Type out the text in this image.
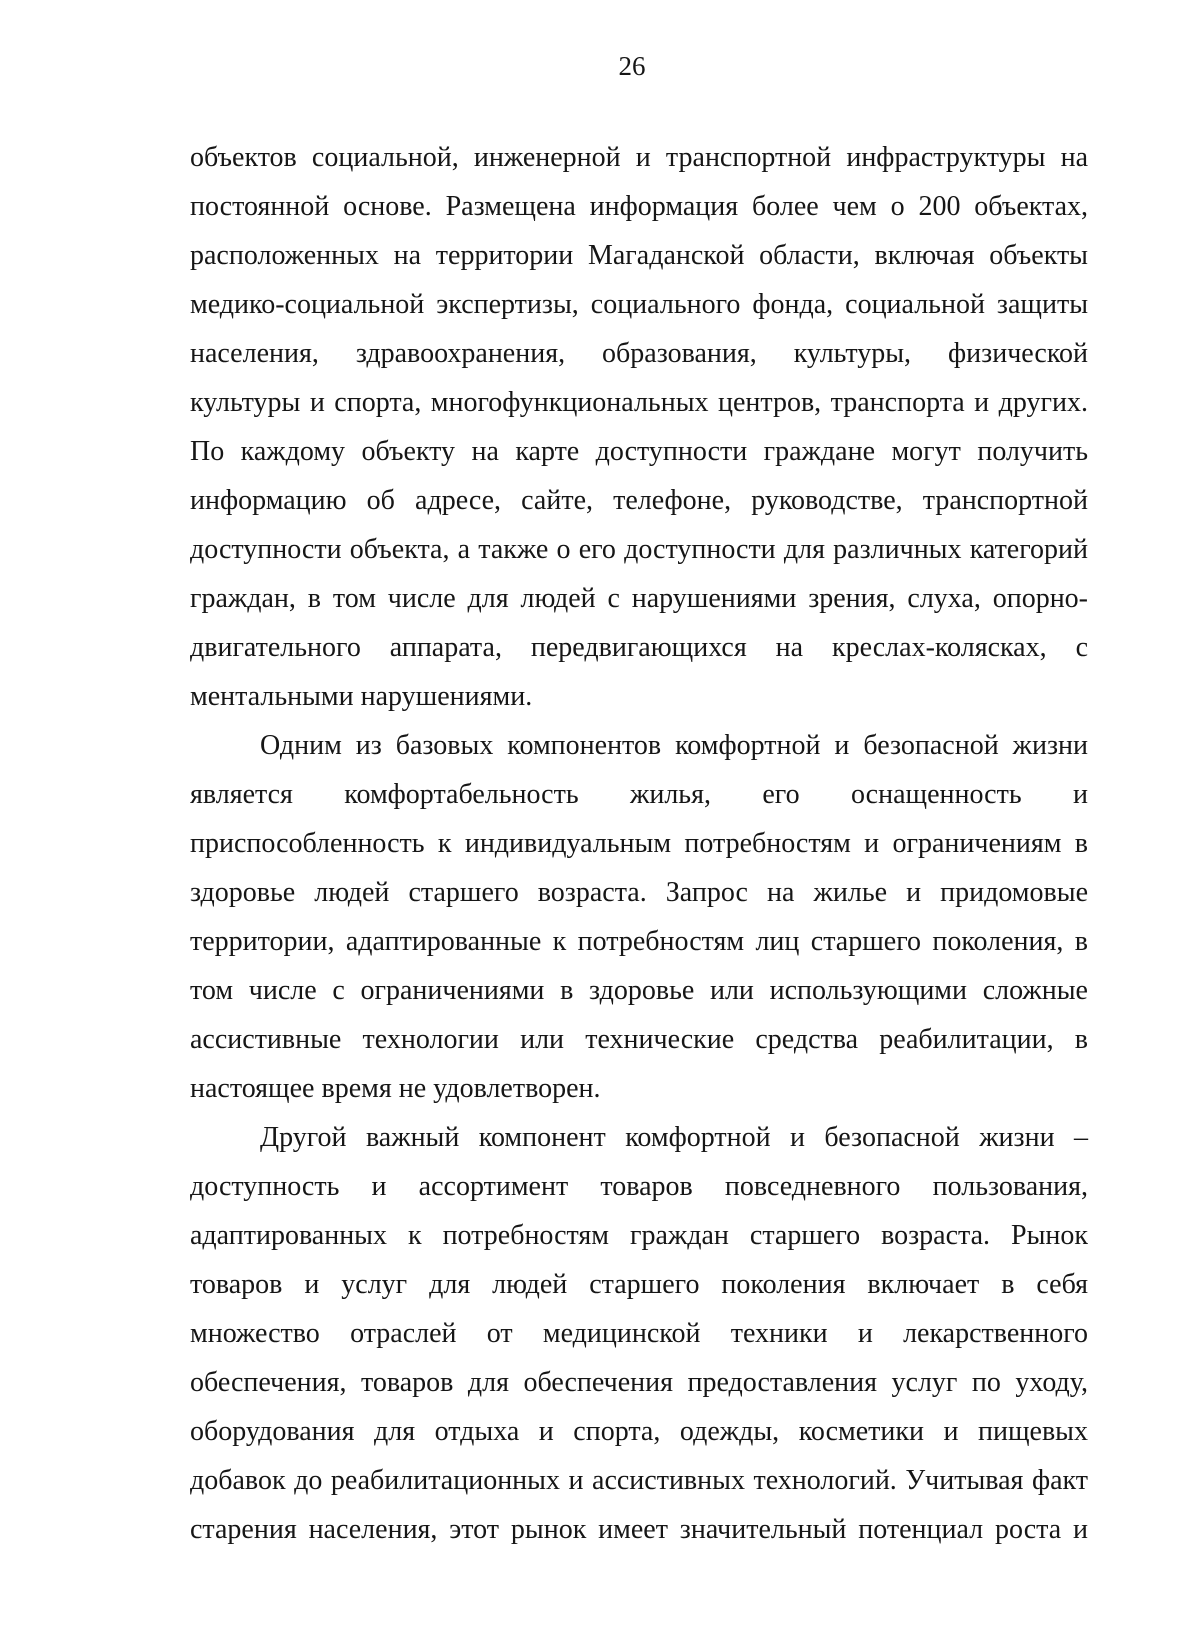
26

объектов социальной, инженерной и транспортной инфраструктуры на

постоянной основе. Размещена информация более чем о 200 объектах,

расположенных на территории Магаданской области, включая объекты

медико-социальной экспертизы, социального фонда, социальной защиты

населения, здравоохранения, образования, культуры, физической

культуры и спорта, многофункциональных центров, транспорта и других.

По каждому объекту на карте доступности граждане могут получить

информацию об адресе, сайте, телефоне, руководстве, транспортной

доступности объекта, а также о его доступности для различных категорий

граждан, в том числе для людей с нарушениями зрения, слуха, опорно-

двигательного аппарата, передвигающихся на креслах-колясках, с

ментальными нарушениями.

Одним из базовых компонентов комфортной и безопасной жизни

является комфортабельность жилья, его оснащенность и

приспособленность к индивидуальным потребностям и ограничениям в

здоровье людей старшего возраста. Запрос на жилье и придомовые

территории, адаптированные к потребностям лиц старшего поколения, в

том числе с ограничениями в здоровье или использующими сложные

ассистивные технологии или технические средства реабилитации, в

настоящее время не удовлетворен.

Другой важный компонент комфортной и безопасной жизни –

доступность и ассортимент товаров повседневного пользования,

адаптированных к потребностям граждан старшего возраста. Рынок

товаров и услуг для людей старшего поколения включает в себя

множество отраслей от медицинской техники и лекарственного

обеспечения, товаров для обеспечения предоставления услуг по уходу,

оборудования для отдыха и спорта, одежды, косметики и пищевых

добавок до реабилитационных и ассистивных технологий. Учитывая факт

старения населения, этот рынок имеет значительный потенциал роста и
